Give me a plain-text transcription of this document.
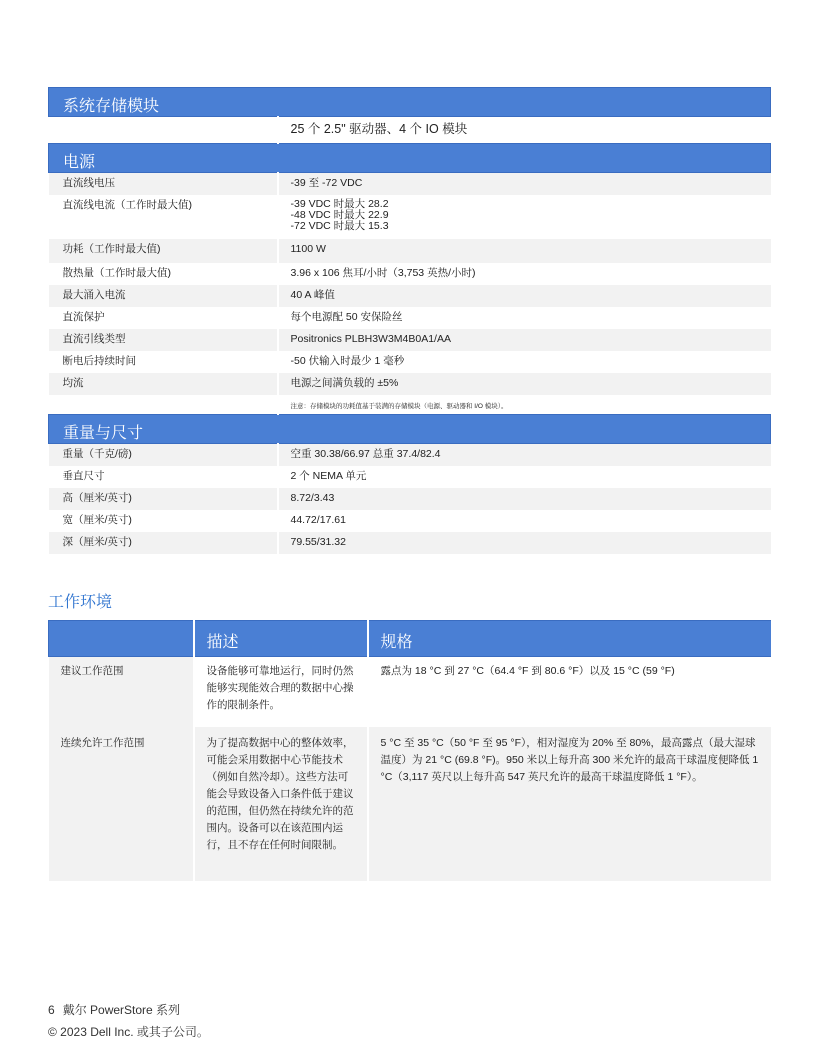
系统存储模块	
	25 个 2.5" 驱动器、4 个 IO 模块
电源	
直流线电压	-39 至 -72 VDC
直流线电流（工作时最大值)	-39 VDC 时最大 28.2
-48 VDC 时最大 22.9
-72 VDC 时最大 15.3

功耗（工作时最大值)	1100 W
散热量（工作时最大值)	3.96 x 106 焦耳/小时（3,753 英热/小时)
最大涌入电流	40 A 峰值
直流保护	每个电源配 50 安保险丝
直流引线类型	Positronics PLBH3W3M4B0A1/AA
断电后持续时间	-50 伏输入时最少 1 毫秒
均流	电源之间满负载的 ±5%
	注意：存储模块的功耗值基于装满的存储模块（电源、驱动器和 I/O 模块）。
重量与尺寸	
重量（千克/磅)	空重 30.38/66.97 总重 37.4/82.4
垂直尺寸	2 个 NEMA 单元
高（厘米/英寸)	8.72/3.43
宽（厘米/英寸)	44.72/17.61
深（厘米/英寸)	79.55/31.32
工作环境
	描述	规格
建议工作范围	设备能够可靠地运行，同时仍然能够实现能效合理的数据中心操作的限制条件。	露点为 18 °C 到 27 °C（64.4 °F 到 80.6 °F）以及 15 °C (59 °F)
连续允许工作范围	为了提高数据中心的整体效率，可能会采用数据中心节能技术（例如自然冷却）。这些方法可能会导致设备入口条件低于建议的范围，但仍然在持续允许的范围内。设备可以在该范围内运行，且不存在任何时间限制。	5 °C 至 35 °C（50 °F 至 95 °F），相对湿度为 20% 至 80%，最高露点（最大湿球温度）为 21 °C (69.8 °F)。950 米以上每升高 300 米允许的最高干球温度便降低 1 °C（3,117 英尺以上每升高 547 英尺允许的最高干球温度降低 1 °F）。
6 戴尔 PowerStore 系列
© 2023 Dell Inc. 或其子公司。
